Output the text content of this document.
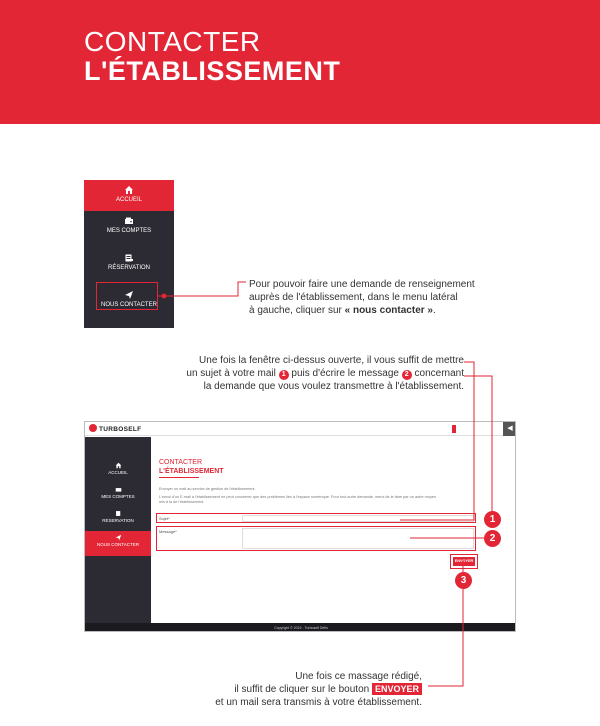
CONTACTER
L'ÉTABLISSEMENT
ACCUEIL
MES COMPTES
RÉSERVATION
NOUS CONTACTER
Pour pouvoir faire une demande de renseignement
auprès de l'établissement, dans le menu latéral
à gauche, cliquer sur « nous contacter ».
Une fois la fenêtre ci-dessus ouverte, il vous suffit de mettre
un sujet à votre mail 1 puis d'écrire le message 2 concernant
la demande que vous voulez transmettre à l'établissement.
TURBOSELF	◀
ACCUEIL
MES COMPTES
RÉSERVATION
NOUS CONTACTER
CONTACTER
L'ÉTABLISSEMENT
Envoyer un mail au service de gestion de l'établissement.
L'envoi d'un E-mail à l'établissement ne peut concerner que des problèmes liés à l'espace numérique. Pour tout autre demande, merci de le faire par un autre moyen
mis à la de l'établissement.
Sujet*
Message*
ENVOYER
Copyright © 2019 - Turboself Défis
1
2
3
Une fois ce massage rédigé,
il suffit de cliquer sur le bouton ENVOYER
et un mail sera transmis à votre établissement.
